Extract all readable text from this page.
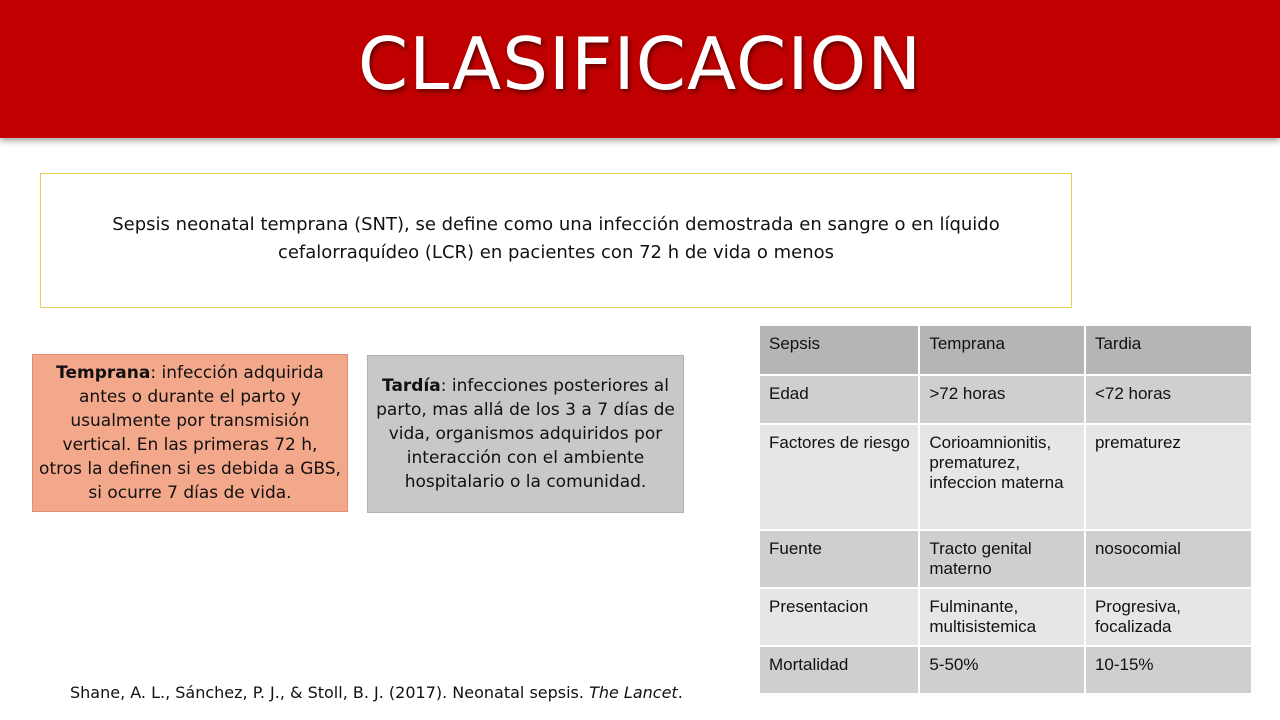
CLASIFICACION
Sepsis neonatal temprana (SNT), se define como una infección demostrada en sangre o en líquido cefalorraquídeo (LCR) en pacientes con 72 h de vida o menos
Temprana: infección adquirida antes o durante el parto y usualmente por transmisión vertical. En las primeras 72 h, otros la definen si es debida a GBS, si ocurre 7 días de vida.
Tardía: infecciones posteriores al parto, mas allá de los 3 a 7 días de vida, organismos adquiridos por interacción con el ambiente hospitalario o la comunidad.
Sepsis	Temprana	Tardia
Edad	>72 horas	<72 horas
Factores de riesgo	Corioamnionitis, prematurez, infeccion materna	prematurez
Fuente	Tracto genital materno	nosocomial
Presentacion	Fulminante, multisistemica	Progresiva, focalizada
Mortalidad	5-50%	10-15%
Shane, A. L., Sánchez, P. J., & Stoll, B. J. (2017). Neonatal sepsis. The Lancet.
